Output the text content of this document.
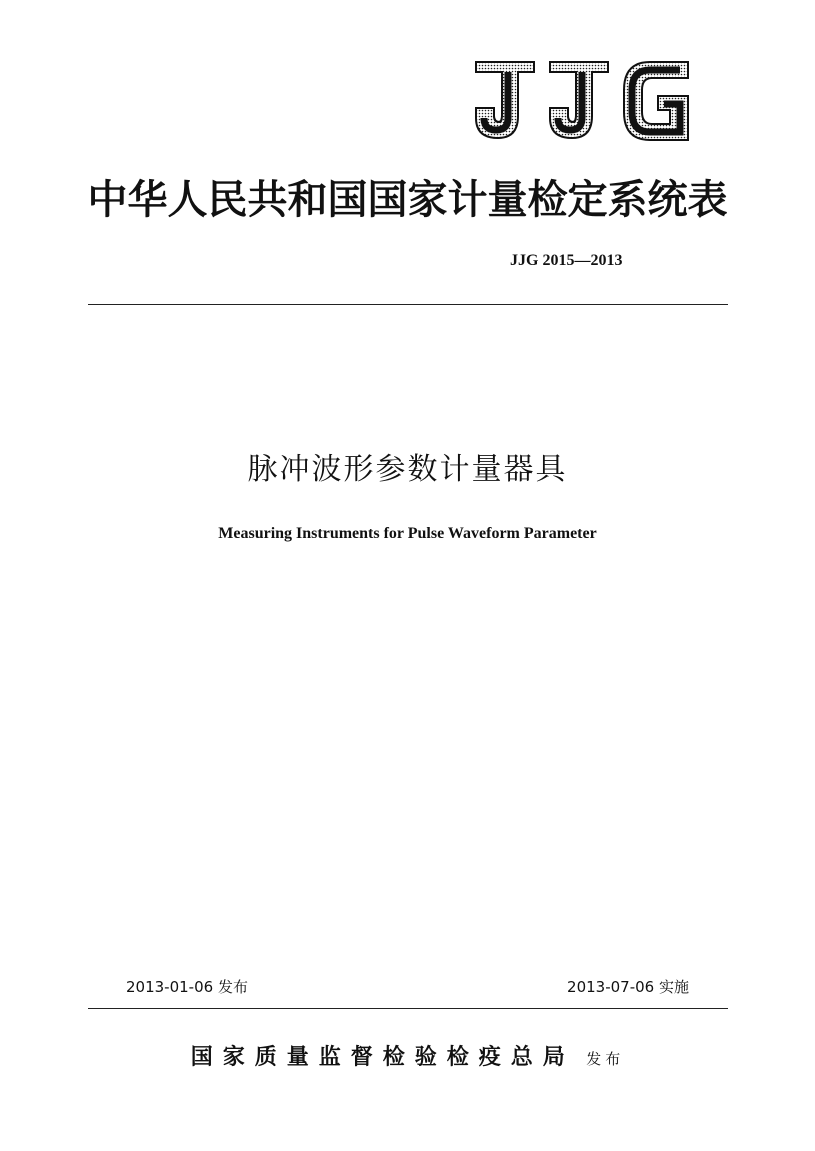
中华人民共和国国家计量检定系统表
JJG 2015—2013
脉冲波形参数计量器具
Measuring Instruments for Pulse Waveform Parameter
2013-01-06 发布	2013-07-06 实施
国家质量监督检验检疫总局 发布
